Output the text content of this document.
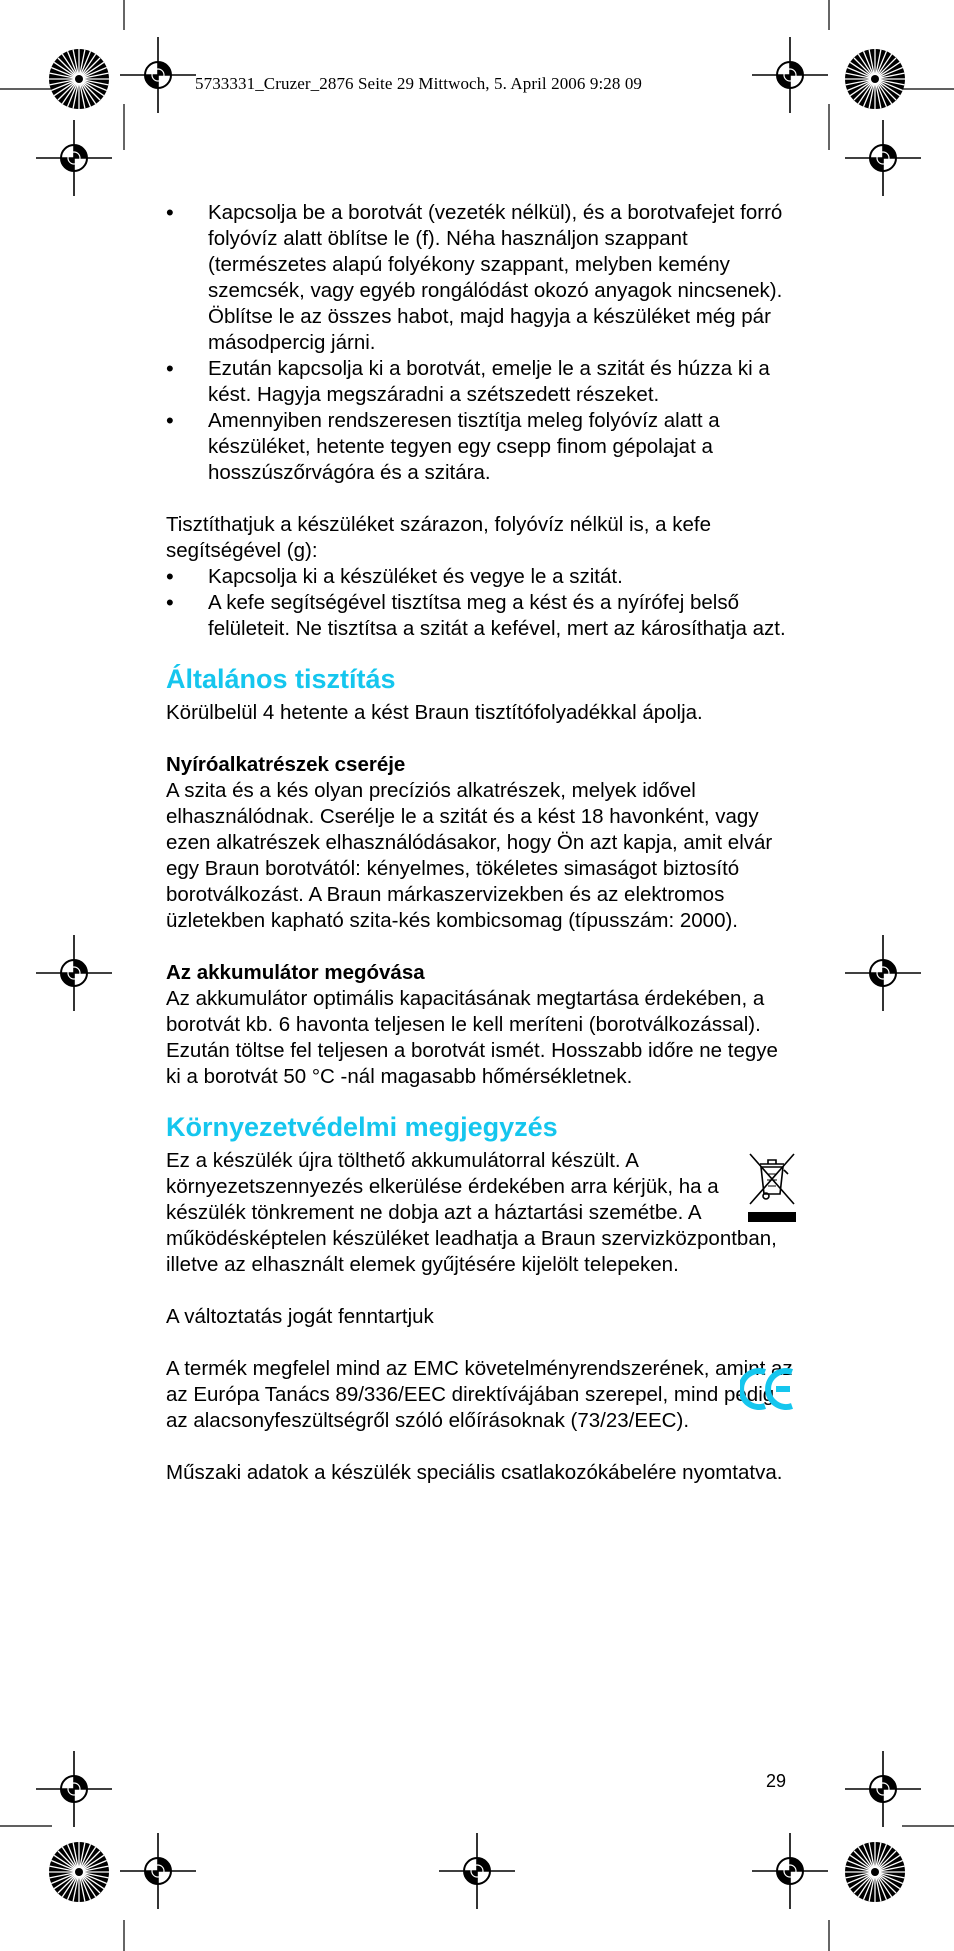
5733331_Cruzer_2876 Seite 29 Mittwoch, 5. April 2006 9:28 09
• Kapcsolja be a borotvát (vezeték nélkül), és a borotvafejet forró folyóvíz alatt öblítse le (f). Néha használjon szappant (természetes alapú folyékony szappant, melyben kemény szemcsék, vagy egyéb rongálódást okozó anyagok nincsenek). Öblítse le az összes habot, majd hagyja a készüléket még pár másodpercig járni.
• Ezután kapcsolja ki a borotvát, emelje le a szitát és húzza ki a kést. Hagyja megszáradni a szétszedett részeket.
• Amennyiben rendszeresen tisztítja meleg folyóvíz alatt a készüléket, hetente tegyen egy csepp finom gépolajat a hosszúszőrvágóra és a szitára.

Tisztíthatjuk a készüléket szárazon, folyóvíz nélkül is, a kefe segítségével (g):

• Kapcsolja ki a készüléket és vegye le a szitát.
• A kefe segítségével tisztítsa meg a kést és a nyírófej belső felületeit. Ne tisztítsa a szitát a kefével, mert az károsíthatja azt.
Általános tisztítás

Körülbelül 4 hetente a kést Braun tisztítófolyadékkal ápolja.

Nyíróalkatrészek cseréje

A szita és a kés olyan precíziós alkatrészek, melyek idővel elhasználódnak. Cserélje le a szitát és a kést 18 havonként, vagy ezen alkatrészek elhasználódásakor, hogy Ön azt kapja, amit elvár egy Braun borotvától: kényelmes, tökéletes simaságot biztosító borotválkozást. A Braun márkaszervizekben és az elektromos üzletekben kapható szita-kés kombicsomag (típusszám: 2000).

Az akkumulátor megóvása

Az akkumulátor optimális kapacitásának megtartása érdekében, a borotvát kb. 6 havonta teljesen le kell meríteni (borotválkozással). Ezután töltse fel teljesen a borotvát ismét. Hosszabb időre ne tegye ki a borotvát 50 °C -nál magasabb hőmérsékletnek.

Környezetvédelmi megjegyzés

Ez a készülék újra tölthető akkumulátorral készült. A környezetszennyezés elkerülése érdekében arra kérjük, ha a készülék tönkrement ne dobja azt a háztartási szemétbe. A működésképtelen készüléket leadhatja a Braun szervizközpontban, illetve az elhasznált elemek gyűjtésére kijelölt telepeken.

A változtatás jogát fenntartjuk

A termék megfelel mind az EMC követelményrendszerének, amint az az Európa Tanács 89/336/EEC direktívájában szerepel, mind pedig az alacsonyfeszültségről szóló előírásoknak (73/23/EEC).

Műszaki adatok a készülék speciális csatlakozókábelére nyomtatva.

29
